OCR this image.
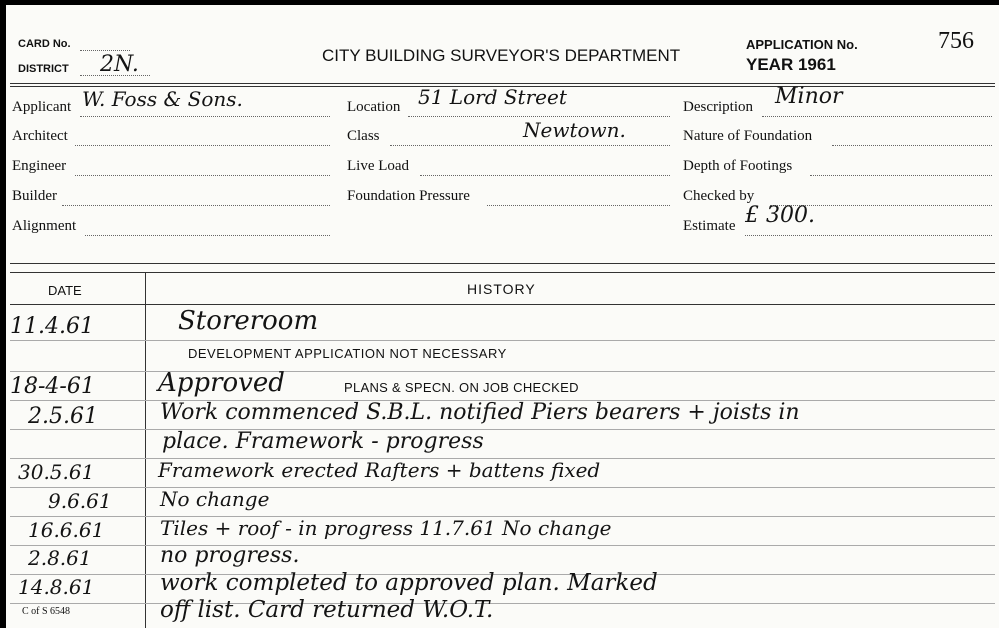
CARD No.
DISTRICT 2N.	CITY BUILDING SURVEYOR'S DEPARTMENT
APPLICATION No.	756
YEAR 1961
Applicant W. Foss & Sons.
Architect
Engineer
Builder
Alignment
Location 51 Lord Street
Class	Newtown.
Live Load
Foundation Pressure
Description Minor
Nature of Foundation
Depth of Footings
Checked by
Estimate £ 300.
DATE	HISTORY
11.4.61	Storeroom
DEVELOPMENT APPLICATION NOT NECESSARY
18-4-61 Approved	PLANS & SPECN. ON JOB CHECKED
2.5.61	Work commenced S.B.L. notified Piers bearers + joists in
place. Framework - progress
30.5.61	Framework erected Rafters + battens fixed
9.6.61 No change
16.6.61	Tiles + roof - in progress 11.7.61 No change
2.8.61	no progress.
14.8.61	work completed to approved plan. Marked
off list. Card returned W.O.T.
C of S 6548
